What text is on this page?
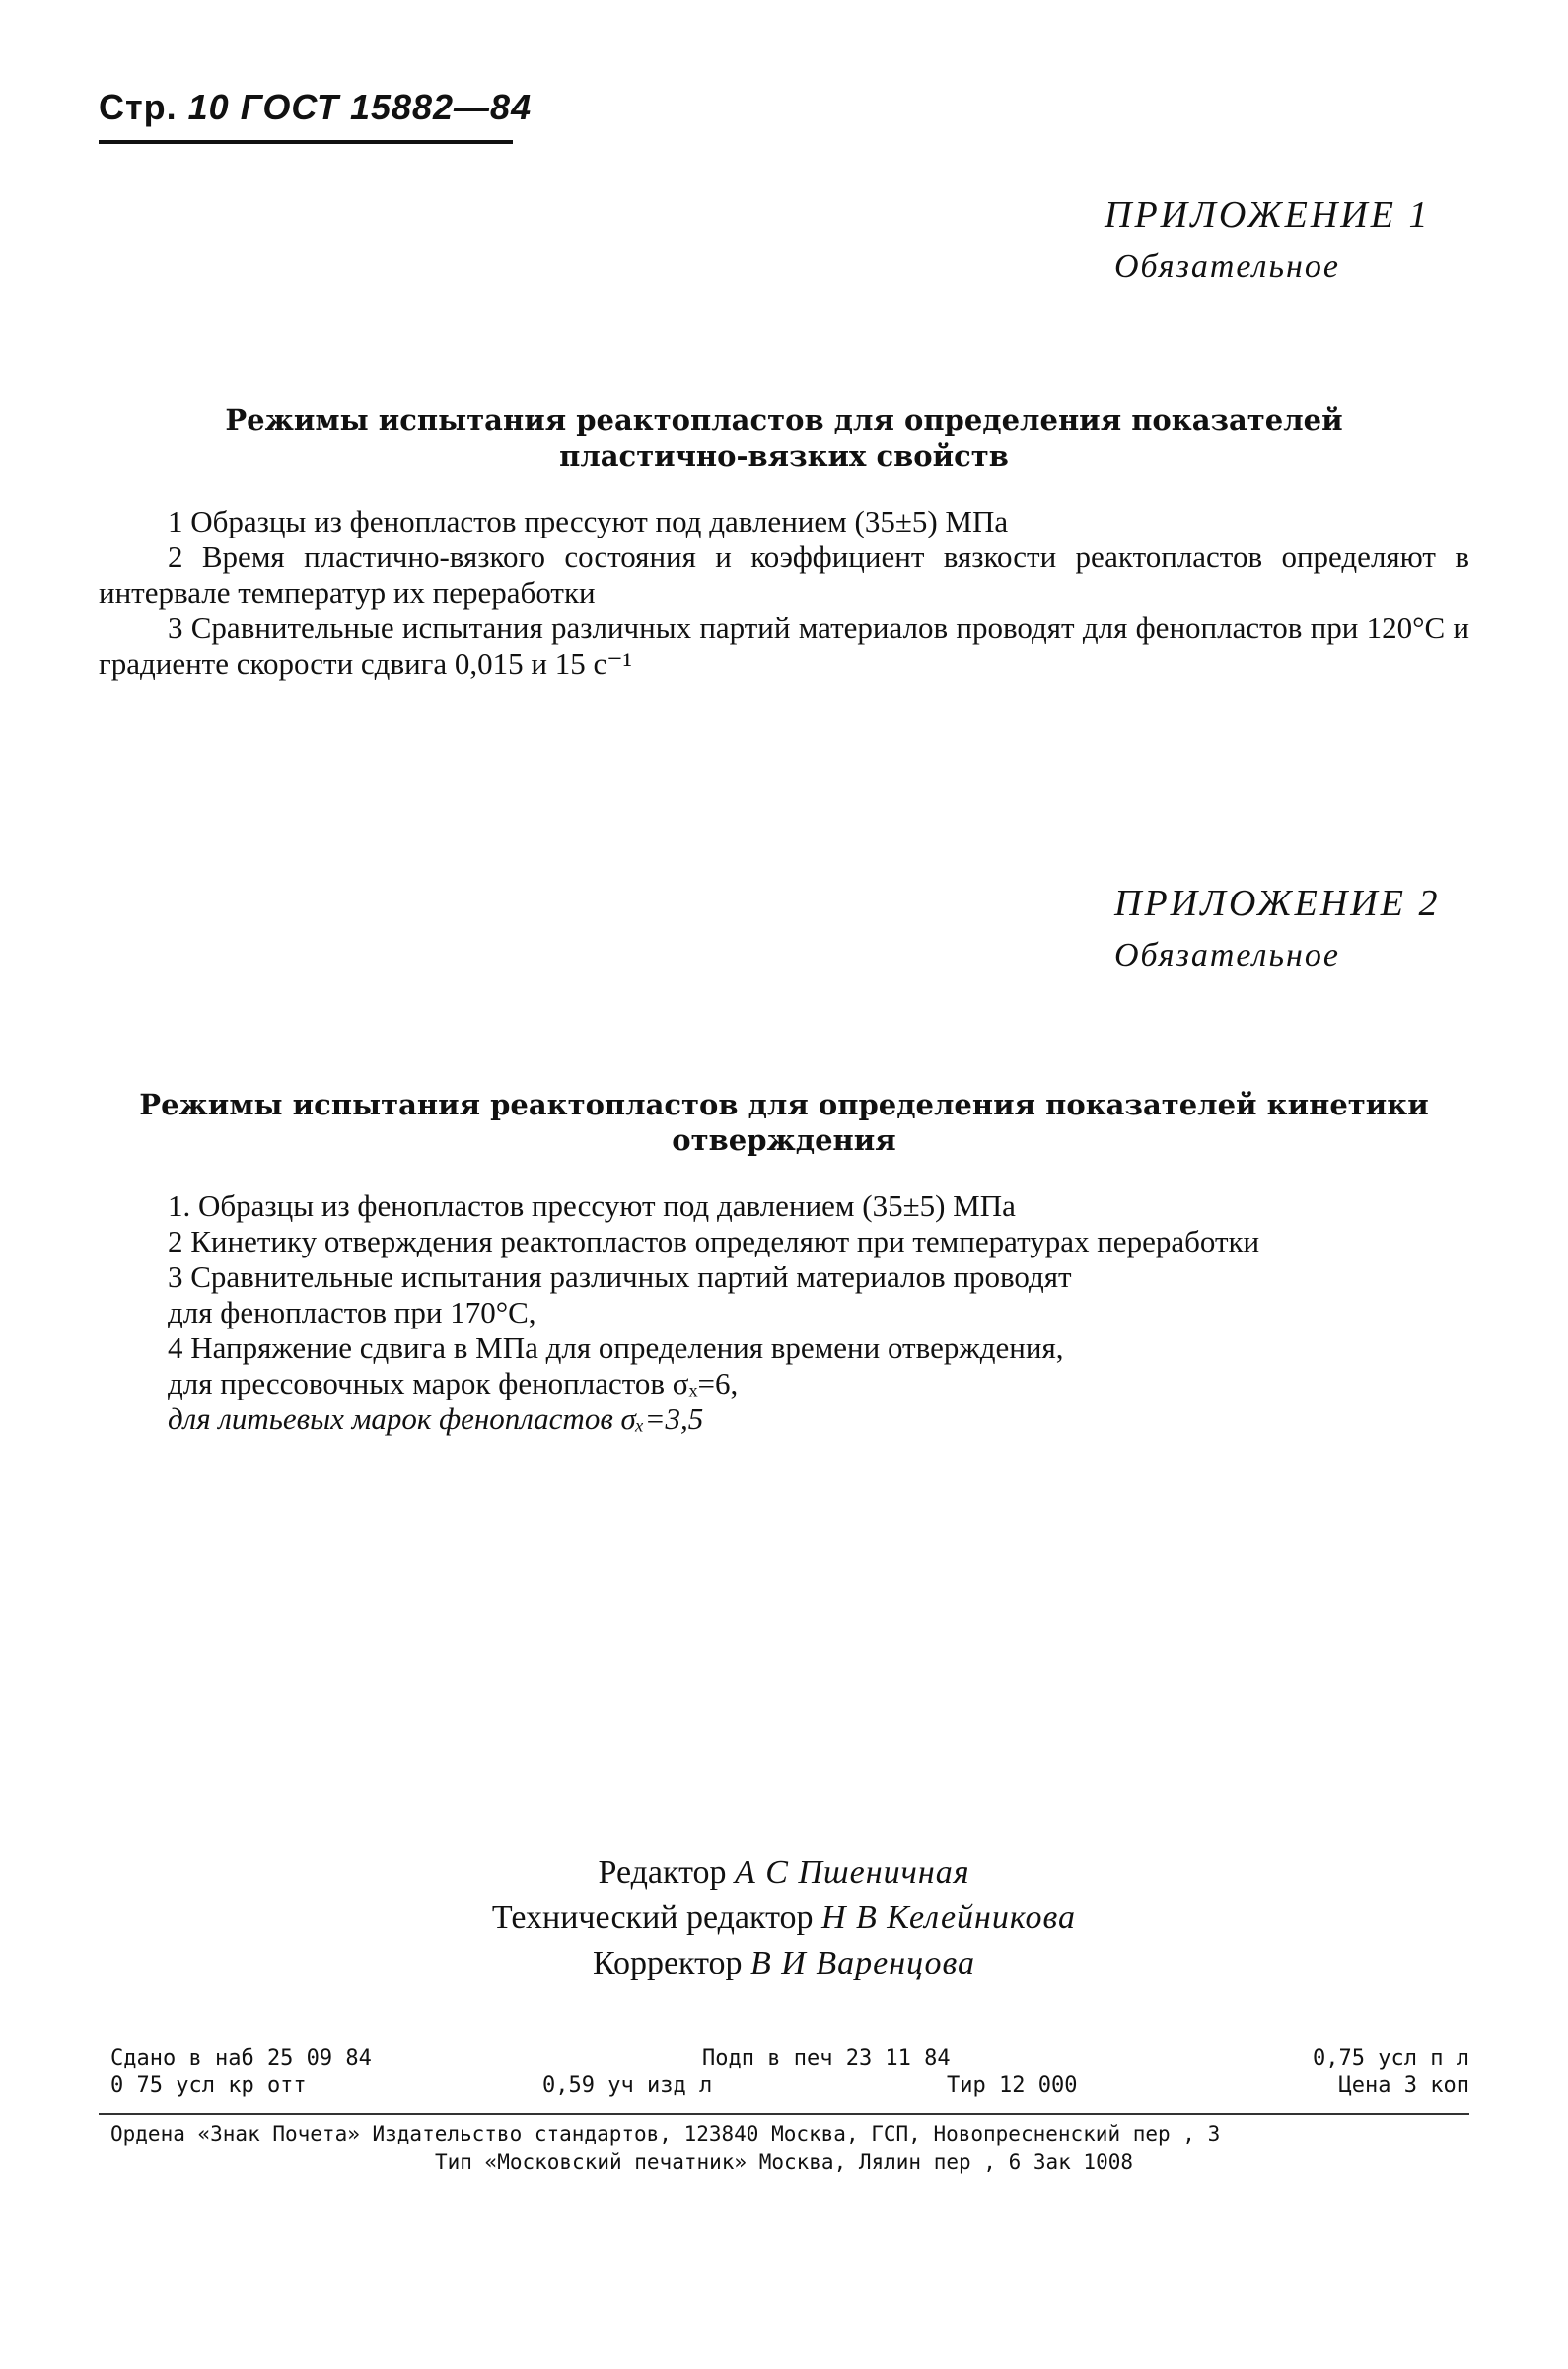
Стр. 10 ГОСТ 15882—84
ПРИЛОЖЕНИЕ 1
Обязательное
Режимы испытания реактопластов для определения показателей
пластично-вязких свойств
1 Образцы из фенопластов прессуют под давлением (35±5) МПа
2 Время пластично-вязкого состояния и коэффициент вязкости реактопластов определяют в интервале температур их переработки
3 Сравнительные испытания различных партий материалов проводят для фенопластов при 120°С и градиенте скорости сдвига 0,015 и 15 с⁻¹
ПРИЛОЖЕНИЕ 2
Обязательное
Режимы испытания реактопластов для определения показателей кинетики
отверждения
1. Образцы из фенопластов прессуют под давлением (35±5) МПа
2 Кинетику отверждения реактопластов определяют при температурах переработки
3 Сравнительные испытания различных партий материалов проводят
для фенопластов при 170°С,
4 Напряжение сдвига в МПа для определения времени отверждения,
для прессовочных марок фенопластов σₓ=6,
для литьевых марок фенопластов σₓ=3,5
Редактор А С Пшеничная
Технический редактор Н В Келейникова
Корректор В И Варенцова
Сдано в наб 25 09 84	Подп в печ 23 11 84	0,75 усл п л
0 75 усл кр отт	0,59 уч изд л	Тир 12 000	Цена 3 коп
Ордена «Знак Почета» Издательство стандартов, 123840 Москва, ГСП, Новопресненский пер , 3
Тип «Московский печатник» Москва, Лялин пер , 6 Зак 1008
